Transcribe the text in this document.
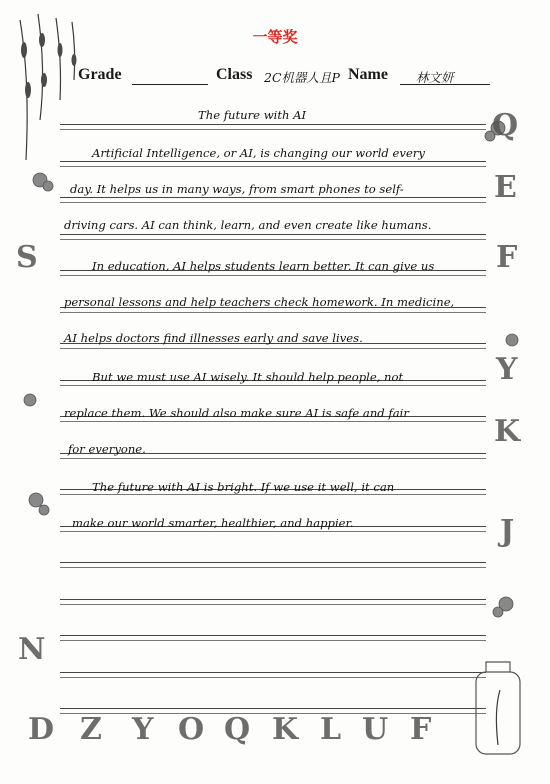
一等奖
Grade	Class 2C机器人且P Name 林文妍
The future with AI
Artificial Intelligence, or AI, is changing our world every
day. It helps us in many ways, from smart phones to self-
driving cars. AI can think, learn, and even create like humans.
In education, AI helps students learn better. It can give us
personal lessons and help teachers check homework. In medicine,
AI helps doctors find illnesses early and save lives.
But we must use AI wisely. It should help people, not
replace them. We should also make sure AI is safe and fair
for everyone.
The future with AI is bright. If we use it well, it can
make our world smarter, healthier, and happier.
S
N
Q
E
Y
F
K
J
D Z Y O Q K L U F
